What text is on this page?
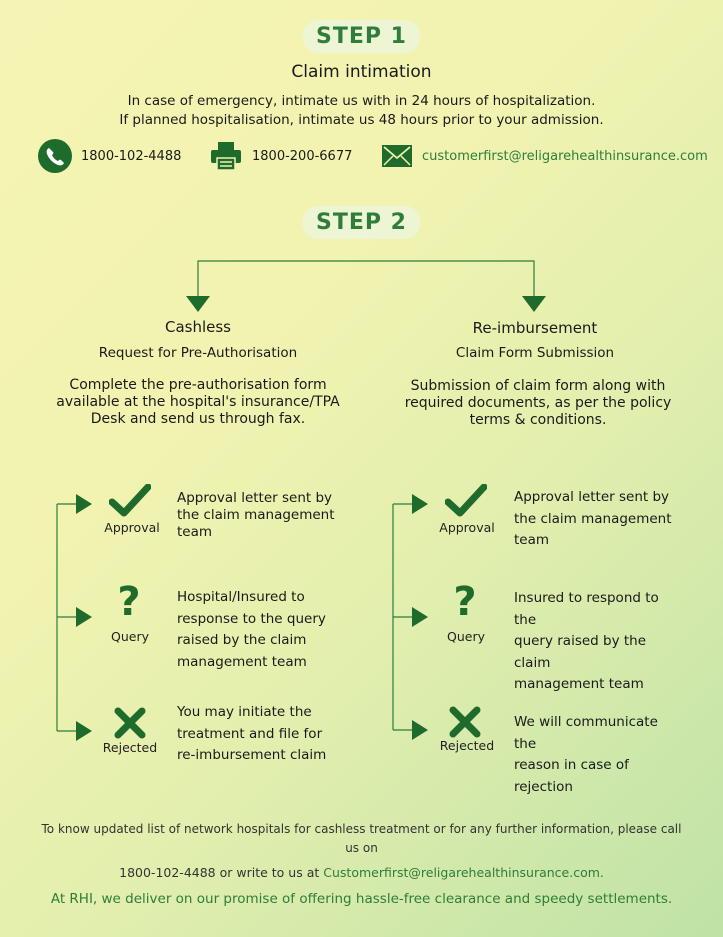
STEP 1
Claim intimation
In case of emergency, intimate us with in 24 hours of hospitalization.
If planned hospitalisation, intimate us 48 hours prior to your admission.
1800-102-4488	1800-200-6677	customerfirst@religarehealthinsurance.com
STEP 2
Cashless
Request for Pre-Authorisation
Complete the pre-authorisation form
available at the hospital's insurance/TPA
Desk and send us through fax.
Re-imbursement
Claim Form Submission
Submission of claim form along with
required documents, as per the policy
terms & conditions.
Approval
Approval letter sent by
the claim management
team
?
Query
Hospital/Insured to
response to the query
raised by the claim
management team
Rejected
You may initiate the
treatment and file for
re-imbursement claim
Approval
Approval letter sent by
the claim management
team
?
Query
Insured to respond to the
query raised by the claim
management team
Rejected
We will communicate the
reason in case of rejection
To know updated list of network hospitals for cashless treatment or for any further information, please call
us on
1800-102-4488 or write to us at Customerfirst@religarehealthinsurance.com.
At RHI, we deliver on our promise of offering hassle-free clearance and speedy settlements.
